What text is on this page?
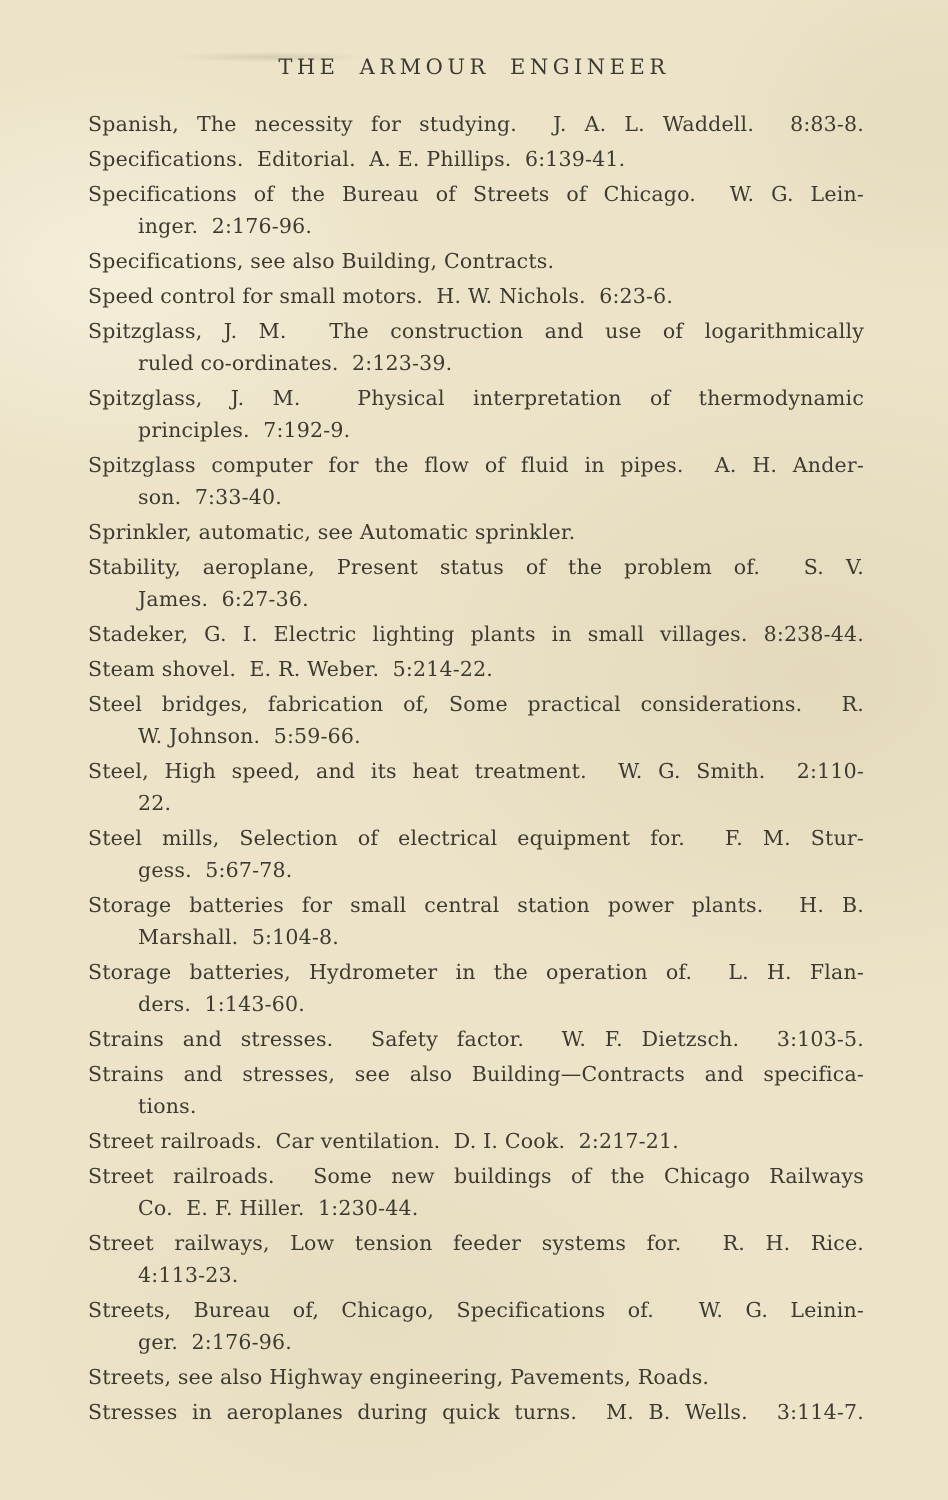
THE ARMOUR ENGINEER
Spanish, The necessity for studying.  J. A. L. Waddell.  8:83-8.
Specifications.  Editorial.  A. E. Phillips.  6:139-41.
Specifications of the Bureau of Streets of Chicago.  W. G. Lein-
inger.  2:176-96.
Specifications, see also Building, Contracts.
Speed control for small motors.  H. W. Nichols.  6:23-6.
Spitzglass, J. M.  The construction and use of logarithmically
ruled co-ordinates.  2:123-39.
Spitzglass, J. M.  Physical interpretation of thermodynamic
principles.  7:192-9.
Spitzglass computer for the flow of fluid in pipes.  A. H. Ander-
son.  7:33-40.
Sprinkler, automatic, see Automatic sprinkler.
Stability, aeroplane, Present status of the problem of.  S. V.
James.  6:27-36.
Stadeker, G. I. Electric lighting plants in small villages. 8:238-44.
Steam shovel.  E. R. Weber.  5:214-22.
Steel bridges, fabrication of, Some practical considerations.  R.
W. Johnson.  5:59-66.
Steel, High speed, and its heat treatment.  W. G. Smith.  2:110-
22.
Steel mills, Selection of electrical equipment for.  F. M. Stur-
gess.  5:67-78.
Storage batteries for small central station power plants.  H. B.
Marshall.  5:104-8.
Storage batteries, Hydrometer in the operation of.  L. H. Flan-
ders.  1:143-60.
Strains and stresses.  Safety factor.  W. F. Dietzsch.  3:103-5.
Strains and stresses, see also Building—Contracts and specifica-
tions.
Street railroads.  Car ventilation.  D. I. Cook.  2:217-21.
Street railroads.  Some new buildings of the Chicago Railways
Co.  E. F. Hiller.  1:230-44.
Street railways, Low tension feeder systems for.  R. H. Rice.
4:113-23.
Streets, Bureau of, Chicago, Specifications of.  W. G. Leinin-
ger.  2:176-96.
Streets, see also Highway engineering, Pavements, Roads.
Stresses in aeroplanes during quick turns.  M. B. Wells.  3:114-7.
